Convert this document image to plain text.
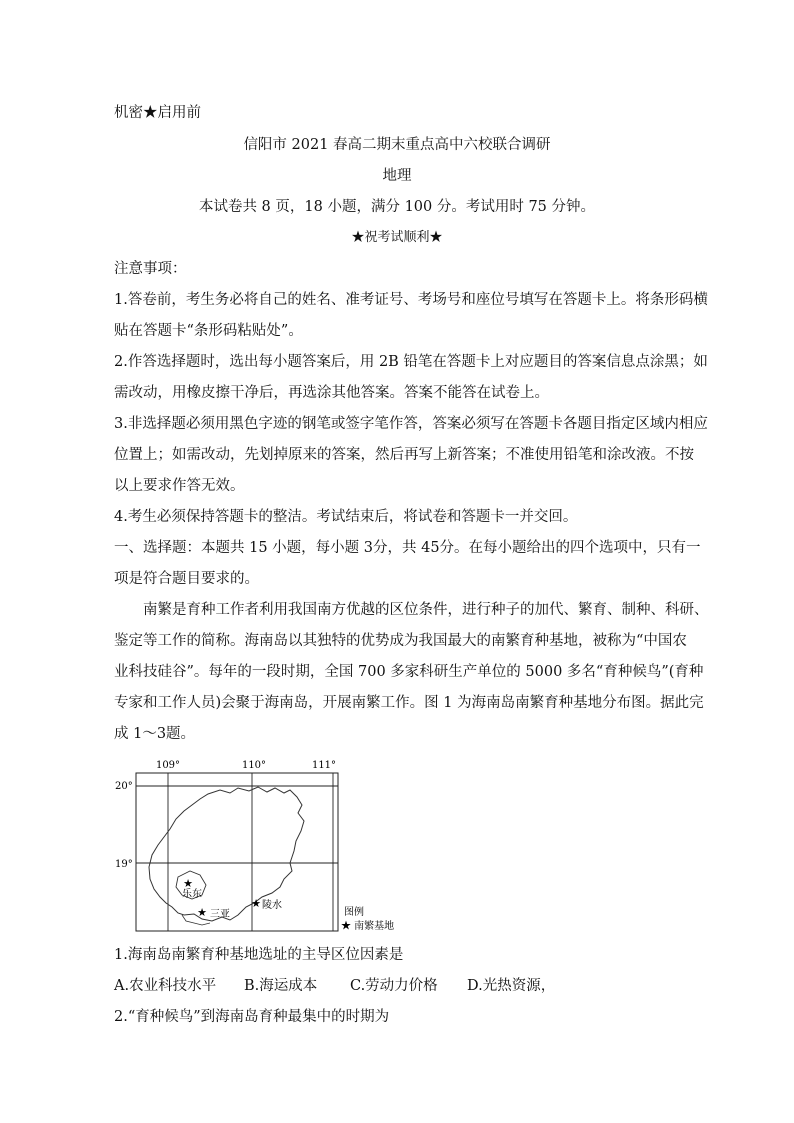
机密★启用前
信阳市 2021 春高二期末重点高中六校联合调研
地理
本试卷共 8 页，18 小题，满分 100 分。考试用时 75 分钟。
★祝考试顺利★
注意事项：
1.答卷前，考生务必将自己的姓名、准考证号、考场号和座位号填写在答题卡上。将条形码横
贴在答题卡“条形码粘贴处”。
2.作答选择题时，选出每小题答案后，用 2B 铅笔在答题卡上对应题目的答案信息点涂黑；如
需改动，用橡皮擦干净后，再选涂其他答案。答案不能答在试卷上。
3.非选择题必须用黑色字迹的钢笔或签字笔作答，答案必须写在答题卡各题目指定区域内相应
位置上；如需改动，先划掉原来的答案，然后再写上新答案；不准使用铅笔和涂改液。不按
以上要求作答无效。
4.考生必须保持答题卡的整洁。考试结束后，将试卷和答题卡一并交回。
一、选择题：本题共 15 小题，每小题 3分，共 45分。在每小题给出的四个选项中，只有一
项是符合题目要求的。
南繁是育种工作者利用我国南方优越的区位条件，进行种子的加代、繁育、制种、科研、
鉴定等工作的简称。海南岛以其独特的优势成为我国最大的南繁育种基地，被称为“中国农
业科技硅谷”。每年的一段时期，全国 700 多家科研生产单位的 5000 多名“育种候鸟”(育种
专家和工作人员)会聚于海南岛，开展南繁工作。图 1 为海南岛南繁育种基地分布图。据此完
成 1～3题。
109°	110°	111°
20°
19°
★
★
★
乐东
三亚
陵水
图例
★ 南繁基地
1.海南岛南繁育种基地选址的主导区位因素是
A.农业科技水平 B.海运成本 C.劳动力价格 D.光热资源，
2.“育种候鸟”到海南岛育种最集中的时期为
